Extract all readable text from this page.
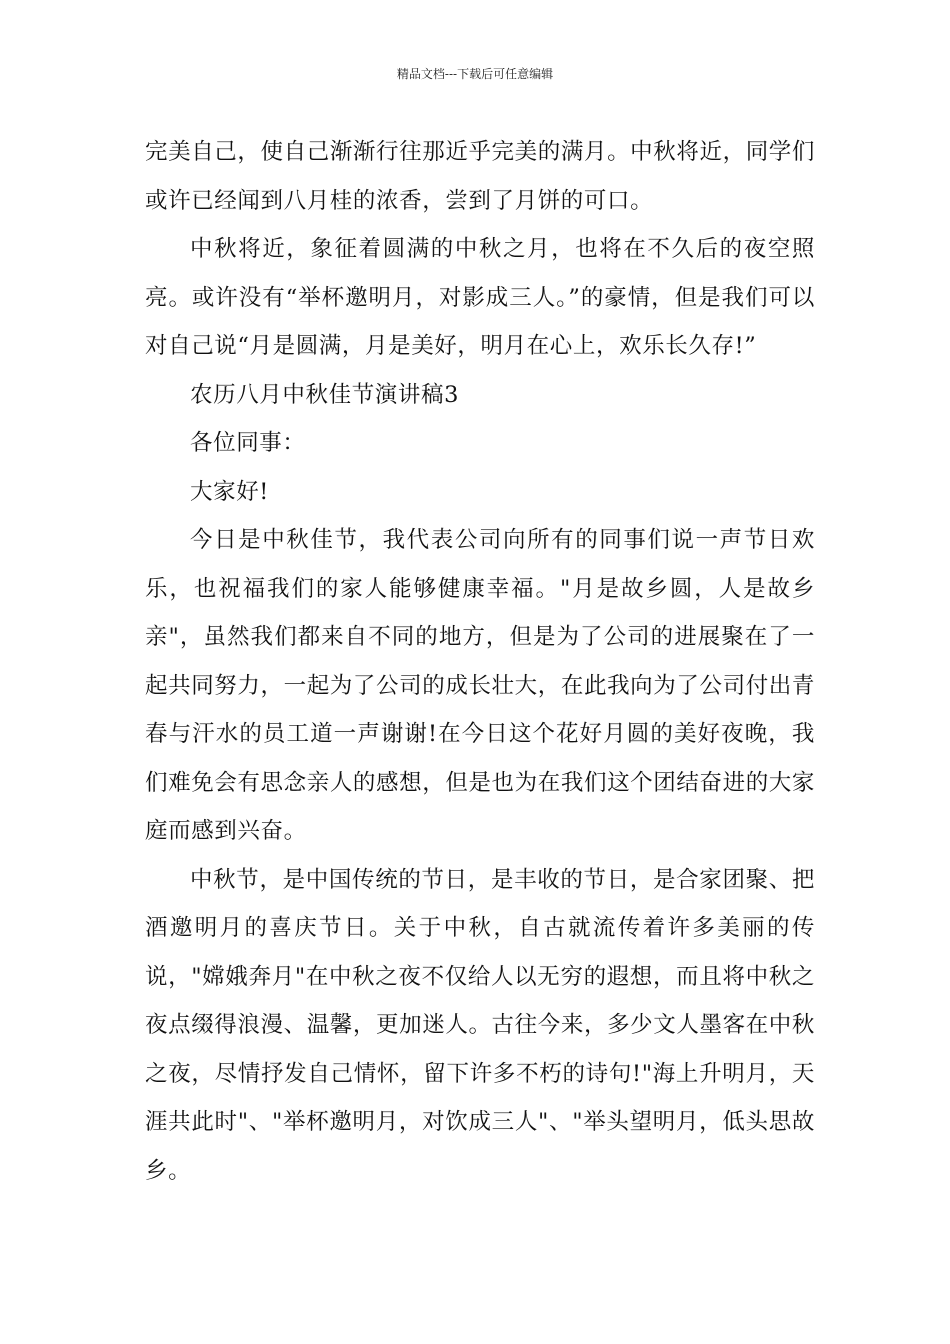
精品文档---下载后可任意编辑

完美自己，使自己渐渐行往那近乎完美的满月。中秋将近，同学们或许已经闻到八月桂的浓香，尝到了月饼的可口。

中秋将近，象征着圆满的中秋之月，也将在不久后的夜空照亮。或许没有“举杯邀明月，对影成三人。”的豪情，但是我们可以对自己说“月是圆满，月是美好，明月在心上，欢乐长久存!”

农历八月中秋佳节演讲稿3

各位同事：

大家好!

今日是中秋佳节，我代表公司向所有的同事们说一声节日欢乐，也祝福我们的家人能够健康幸福。"月是故乡圆，人是故乡亲"，虽然我们都来自不同的地方，但是为了公司的进展聚在了一起共同努力，一起为了公司的成长壮大，在此我向为了公司付出青春与汗水的员工道一声谢谢!在今日这个花好月圆的美好夜晚，我们难免会有思念亲人的感想，但是也为在我们这个团结奋进的大家庭而感到兴奋。

中秋节，是中国传统的节日，是丰收的节日，是合家团聚、把酒邀明月的喜庆节日。关于中秋，自古就流传着许多美丽的传说，"嫦娥奔月"在中秋之夜不仅给人以无穷的遐想，而且将中秋之夜点缀得浪漫、温馨，更加迷人。古往今来，多少文人墨客在中秋之夜，尽情抒发自己情怀，留下许多不朽的诗句!"海上升明月，天涯共此时"、"举杯邀明月，对饮成三人"、"举头望明月，低头思故乡。
